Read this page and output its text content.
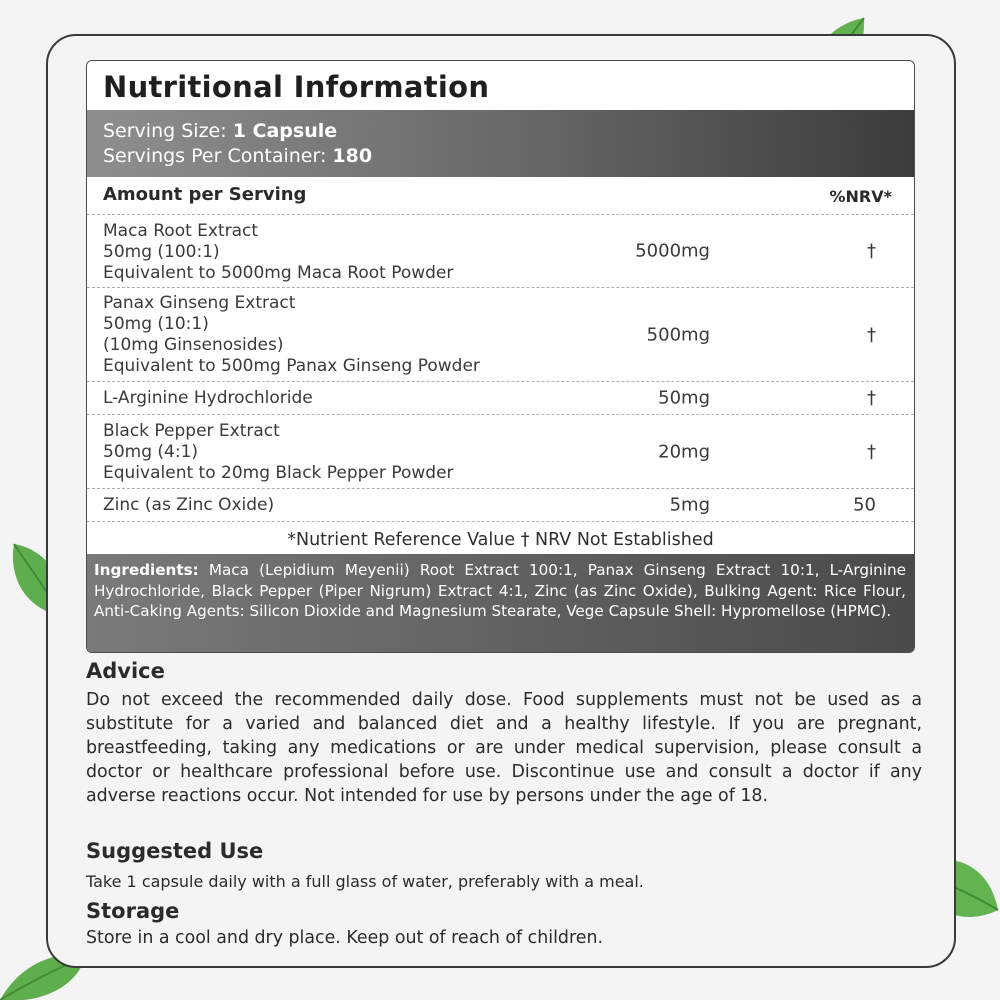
Nutritional Information
Serving Size: 1 Capsule
Servings Per Container: 180
Amount per Serving	%NRV*
Maca Root Extract
50mg (100:1)
Equivalent to 5000mg Maca Root Powder
5000mg	†
Panax Ginseng Extract
50mg (10:1)
(10mg Ginsenosides)
Equivalent to 500mg Panax Ginseng Powder
500mg	†
L-Arginine Hydrochloride	50mg	†
Black Pepper Extract
50mg (4:1)
Equivalent to 20mg Black Pepper Powder
20mg	†
Zinc (as Zinc Oxide)	5mg	50
*Nutrient Reference Value † NRV Not Established
Ingredients: Maca (Lepidium Meyenii) Root Extract 100:1, Panax Ginseng Extract 10:1, L-Arginine Hydrochloride, Black Pepper (Piper Nigrum) Extract 4:1, Zinc (as Zinc Oxide), Bulking Agent: Rice Flour, Anti-Caking Agents: Silicon Dioxide and Magnesium Stearate, Vege Capsule Shell: Hypromellose (HPMC).
Advice
Do not exceed the recommended daily dose. Food supplements must not be used as a substitute for a varied and balanced diet and a healthy lifestyle. If you are pregnant, breastfeeding, taking any medications or are under medical supervision, please consult a doctor or healthcare professional before use. Discontinue use and consult a doctor if any adverse reactions occur. Not intended for use by persons under the age of 18.
Suggested Use
Take 1 capsule daily with a full glass of water, preferably with a meal.
Storage
Store in a cool and dry place. Keep out of reach of children.
